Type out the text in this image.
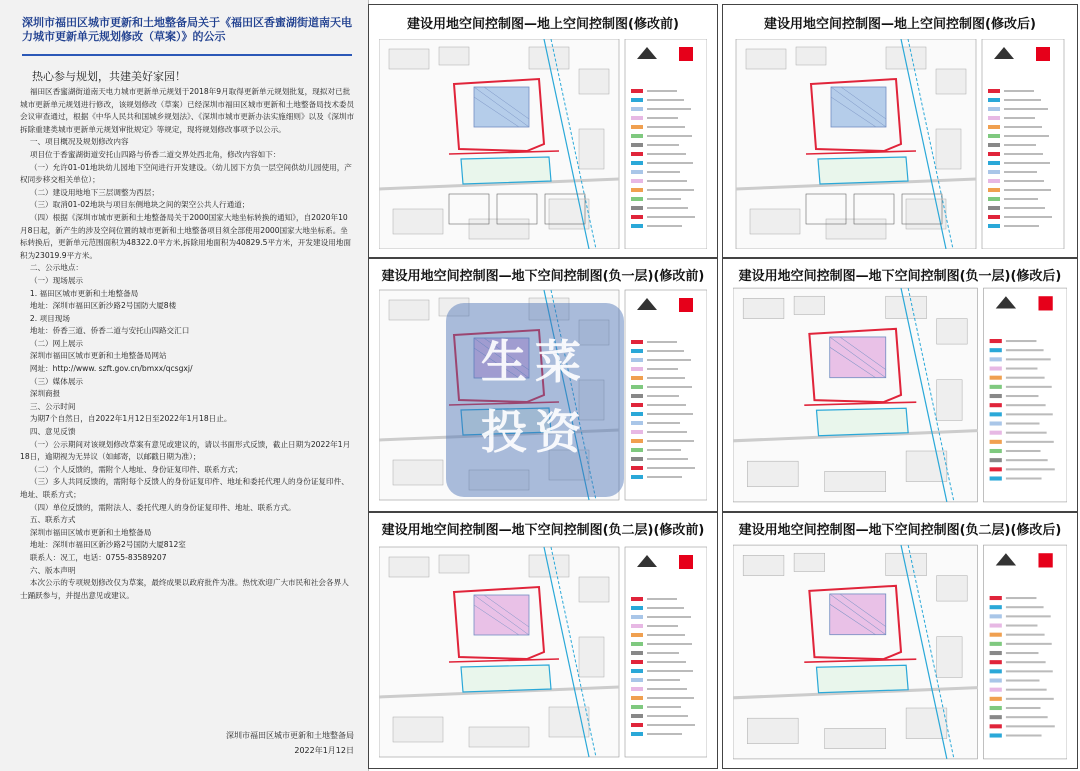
深圳市福田区城市更新和土地整备局关于《福田区香蜜湖街道南天电力城市更新单元规划修改（草案）》的公示
热心参与规划，共建美好家园！

福田区香蜜湖街道南天电力城市更新单元规划于2018年9月取得更新单元规划批复，现拟对已批城市更新单元规划进行修改，该规划修改（草案）已经深圳市福田区城市更新和土地整备局技术委员会议审查通过，根据《中华人民共和国城乡规划法》、《深圳市城市更新办法实施细则》以及《深圳市拆除重建类城市更新单元规划审批规定》等规定，现将规划修改事项予以公示。

一、项目概况及规划修改内容

项目位于香蜜湖街道安托山四路与侨香二道交界处西北角，修改内容如下：

（一）允许01-01地块幼儿园地下空间进行开发建设。（幼儿园下方负一层空间供幼儿园使用，产权同步移交相关单位）；

（二）建设用地地下三层调整为西层；

（三）取消01-02地块与项目东侧地块之间的架空公共人行通道；

（四）根据《深圳市城市更新和土地整备局关于2000国家大地坐标转换的通知》，自2020年10月8日起，新产生的涉及空间位置的城市更新和土地整备项目须全部使用2000国家大地坐标系。坐标转换后，更新单元范围面积为48322.0平方米,拆除用地面积为40829.5平方米，开发建设用地面积为23019.9平方米。

二、公示地点：

（一）现场展示

1. 福田区城市更新和土地整备局

地址：深圳市福田区新沙路2号国防大厦8楼

2. 项目现场

地址：侨香三道、侨香二道与安托山四路交汇口

（二）网上展示

深圳市福田区城市更新和土地整备局网站

网址：http://www. szft.gov.cn/bmxx/qcsgxj/

（三）媒体展示

深圳商报

三、公示时间

为期7个自然日，自2022年1月12日至2022年1月18日止。

四、意见反馈

（一）公示期间对该规划修改草案有意见或建议的，请以书面形式反馈，截止日期为2022年1月18日，逾期视为无异议（如邮寄，以邮戳日期为准）；

（二）个人反馈的，需附个人地址、身份证复印件、联系方式；

（三）多人共同反馈的，需附每个反馈人的身份证复印件、地址和委托代理人的身份证复印件、地址、联系方式；

（四）单位反馈的，需附法人、委托代理人的身份证复印件、地址、联系方式。

五、联系方式

深圳市福田区城市更新和土地整备局

地址：深圳市福田区新沙路2号国防大厦812室

联系人：况工，电话：0755-83589207

六、版本声明

本次公示的专项规划修改仅为草案，最终成果以政府批件为准。热忱欢迎广大市民和社会各界人士踊跃参与，并提出意见或建议。

深圳市福田区城市更新和土地整备局
2022年1月12日
建设用地空间控制图—地上空间控制图(修改前)	建设用地空间控制图—地上空间控制图(修改后)
建设用地空间控制图—地下空间控制图(负一层)(修改前)	建设用地空间控制图—地下空间控制图(负一层)(修改后)
建设用地空间控制图—地下空间控制图(负二层)(修改前)	建设用地空间控制图—地下空间控制图(负二层)(修改后)
生菜
投资
